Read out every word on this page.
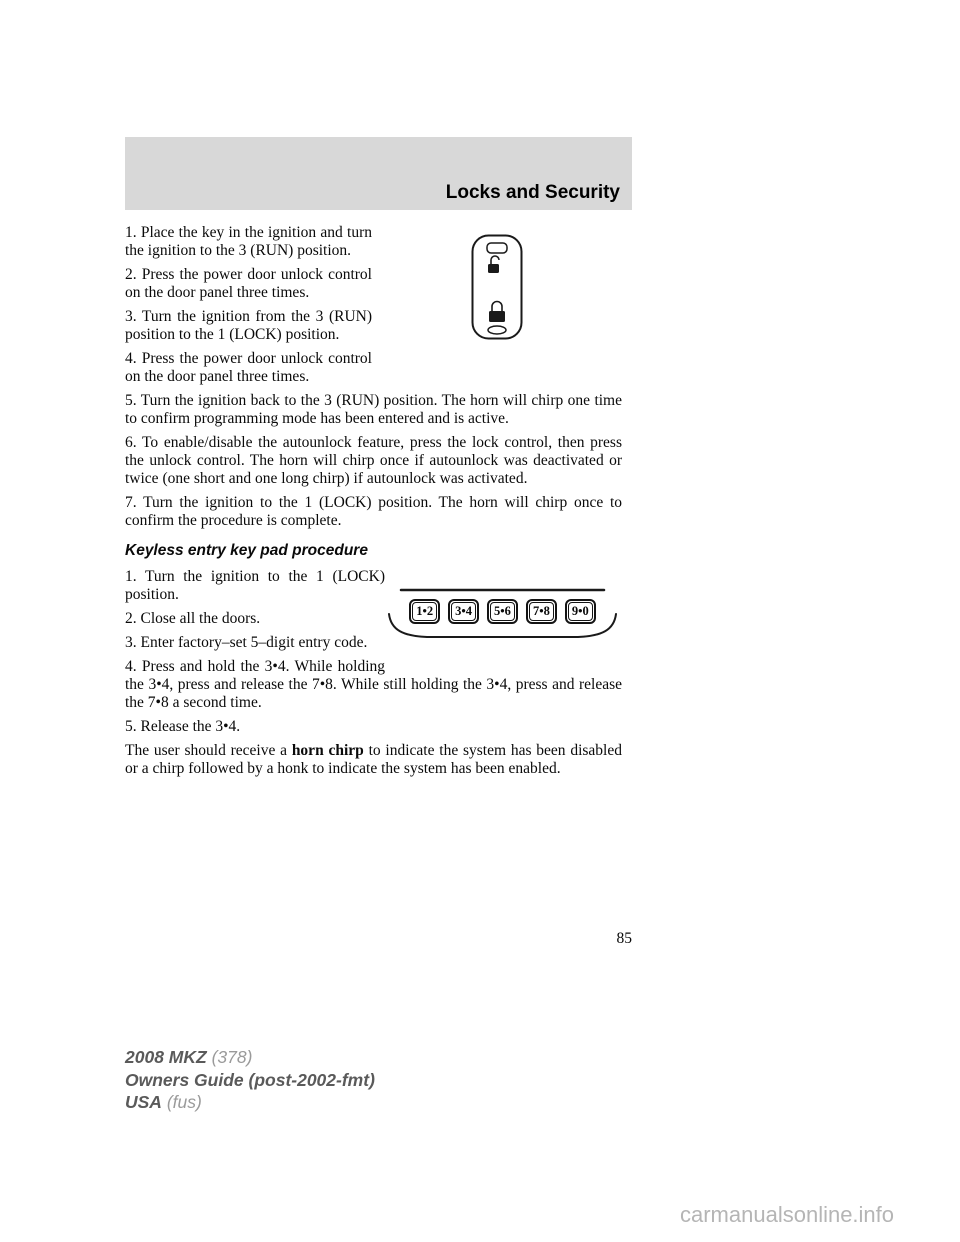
Locks and Security

1. Place the key in the ignition and turn the ignition to the 3 (RUN) position.

2. Press the power door unlock control on the door panel three times.

3. Turn the ignition from the 3 (RUN) position to the 1 (LOCK) position.

4. Press the power door unlock control on the door panel three times.

5. Turn the ignition back to the 3 (RUN) position. The horn will chirp one time to confirm programming mode has been entered and is active.

6. To enable/disable the autounlock feature, press the lock control, then press the unlock control. The horn will chirp once if autounlock was deactivated or twice (one short and one long chirp) if autounlock was activated.

7. Turn the ignition to the 1 (LOCK) position. The horn will chirp once to confirm the procedure is complete.

Keyless entry key pad procedure
1•2	3•4	5•6	7•8	9•0

1. Turn the ignition to the 1 (LOCK) position.

2. Close all the doors.

3. Enter factory–set 5–digit entry code.

4. Press and hold the 3•4. While holding the 3•4, press and release the 7•8. While still holding the 3•4, press and release the 7•8 a second time.

5. Release the 3•4.

The user should receive a horn chirp to indicate the system has been disabled or a chirp followed by a honk to indicate the system has been enabled.

85
2008 MKZ (378)
Owners Guide (post-2002-fmt)
USA (fus)
carmanualsonline.info
